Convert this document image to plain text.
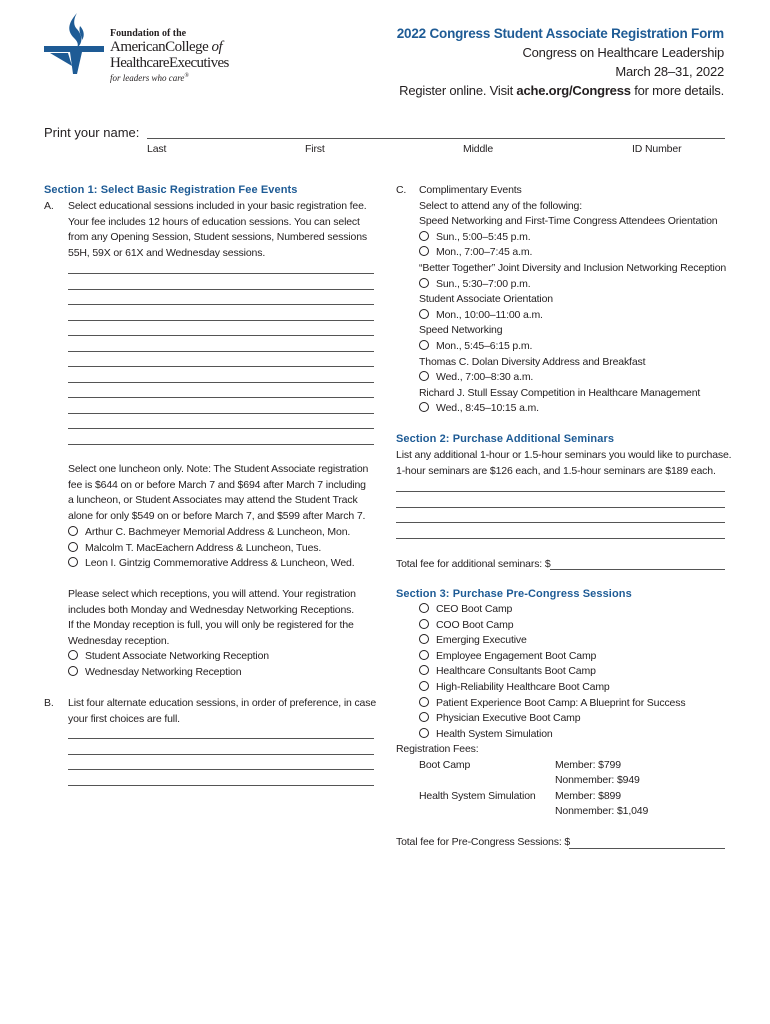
Foundation of the
AmericanCollege of
HealthcareExecutives
for leaders who care®
2022 Congress Student Associate Registration Form
Congress on Healthcare Leadership
March 28–31, 2022
Register online. Visit ache.org/Congress for more details.
Print your name:
Last	First	Middle	ID Number
Section 1: Select Basic Registration Fee Events
A. Select educational sessions included in your basic registration fee.
Your fee includes 12 hours of education sessions. You can select
from any Opening Session, Student sessions, Numbered sessions
55H, 59X or 61X and Wednesday sessions.
Select one luncheon only. Note: The Student Associate registration
fee is $644 on or before March 7 and $694 after March 7 including
a luncheon, or Student Associates may attend the Student Track
alone for only $549 on or before March 7, and $599 after March 7.
Arthur C. Bachmeyer Memorial Address & Luncheon, Mon.
Malcolm T. MacEachern Address & Luncheon, Tues.
Leon I. Gintzig Commemorative Address & Luncheon, Wed.
Please select which receptions, you will attend. Your registration
includes both Monday and Wednesday Networking Receptions.
If the Monday reception is full, you will only be registered for the
Wednesday reception.
Student Associate Networking Reception
Wednesday Networking Reception
B. List four alternate education sessions, in order of preference, in case
your first choices are full.
C. Complimentary Events
Select to attend any of the following:
Speed Networking and First-Time Congress Attendees Orientation
Sun., 5:00–5:45 p.m.
Mon., 7:00–7:45 a.m.
“Better Together” Joint Diversity and Inclusion Networking Reception
Sun., 5:30–7:00 p.m.
Student Associate Orientation
Mon., 10:00–11:00 a.m.
Speed Networking
Mon., 5:45–6:15 p.m.
Thomas C. Dolan Diversity Address and Breakfast
Wed., 7:00–8:30 a.m.
Richard J. Stull Essay Competition in Healthcare Management
Wed., 8:45–10:15 a.m.
Section 2: Purchase Additional Seminars
List any additional 1-hour or 1.5-hour seminars you would like to purchase.
1-hour seminars are $126 each, and 1.5-hour seminars are $189 each.
Total fee for additional seminars: $
Section 3: Purchase Pre-Congress Sessions
CEO Boot Camp
COO Boot Camp
Emerging Executive
Employee Engagement Boot Camp
Healthcare Consultants Boot Camp
High-Reliability Healthcare Boot Camp
Patient Experience Boot Camp: A Blueprint for Success
Physician Executive Boot Camp
Health System Simulation
Registration Fees:
Boot Camp	Member: $799
Nonmember: $949
Health System Simulation Member: $899
Nonmember: $1,049
Total fee for Pre-Congress Sessions: $
